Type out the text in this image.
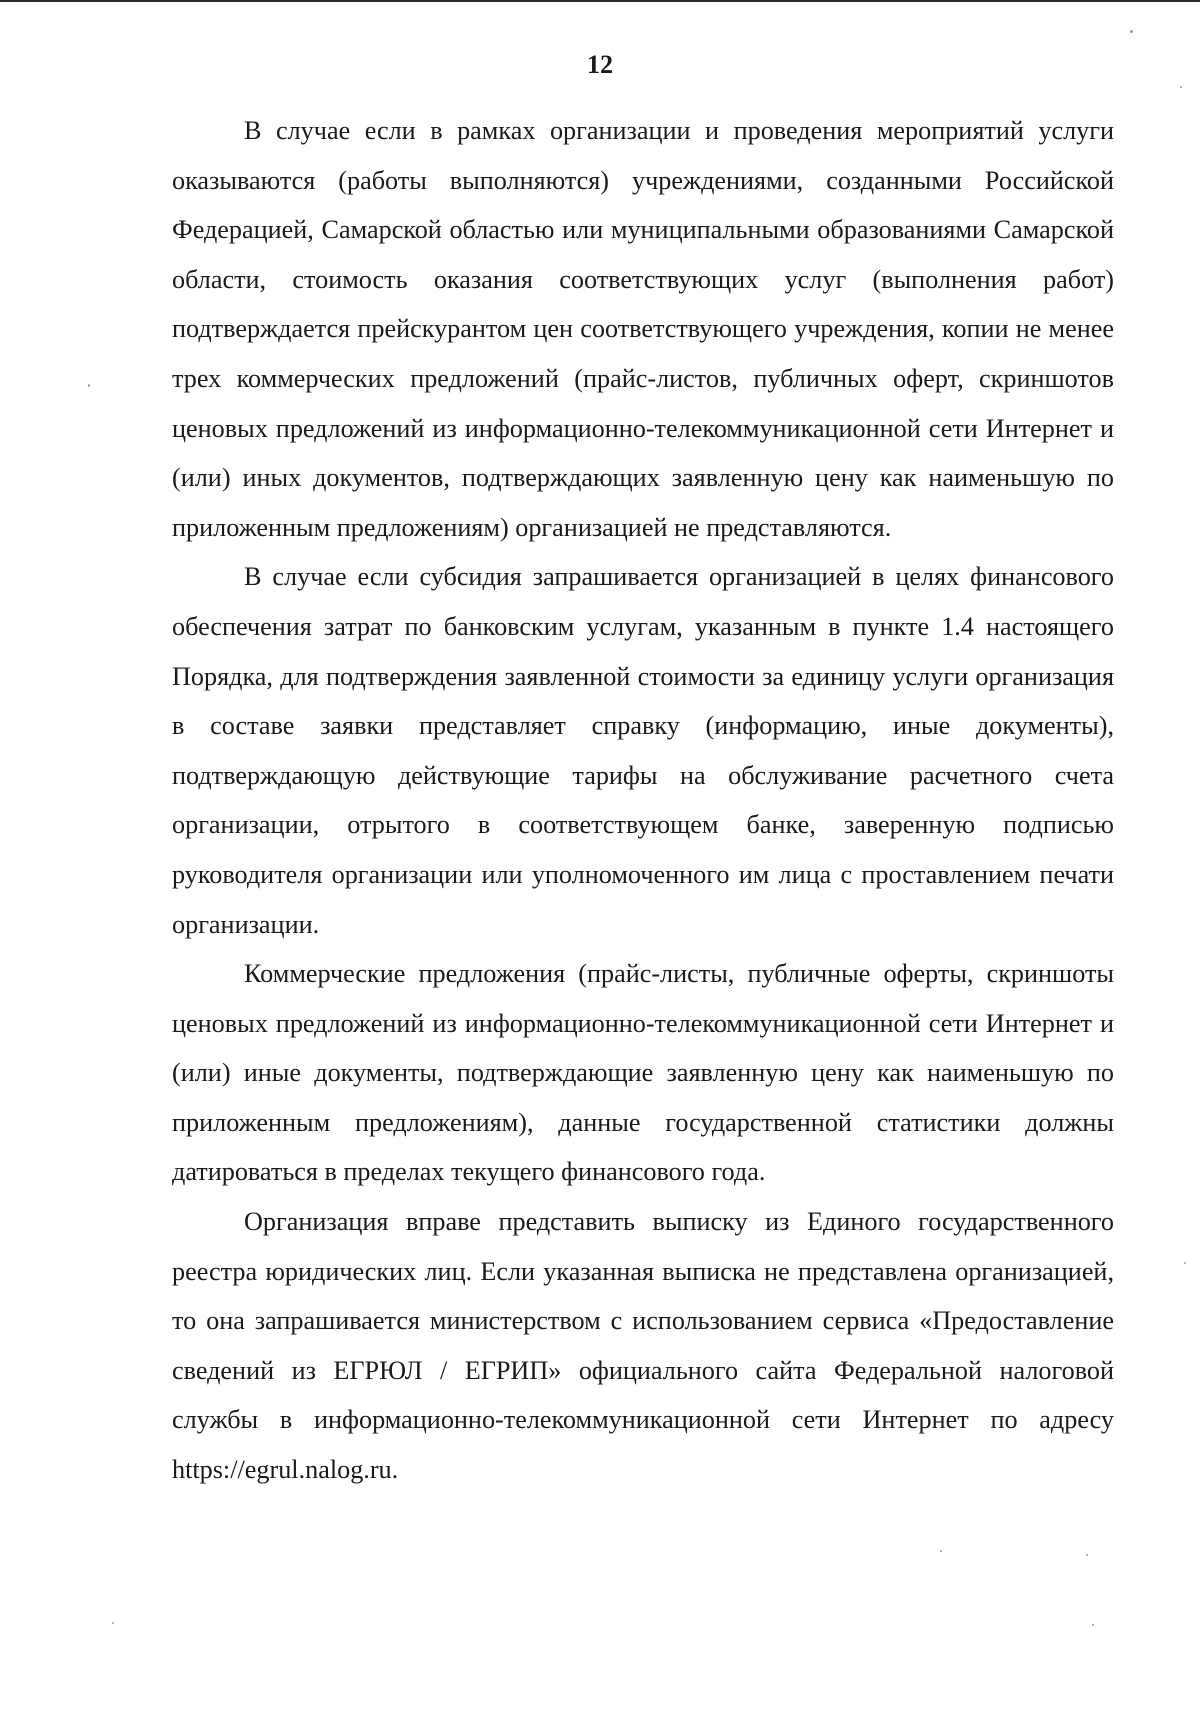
12

В случае если в рамках организации и проведения мероприятий услуги оказываются (работы выполняются) учреждениями, созданными Российской Федерацией, Самарской областью или муниципальными образованиями Самарской области, стоимость оказания соответствующих услуг (выполнения работ) подтверждается прейскурантом цен соответствующего учреждения, копии не менее трех коммерческих предложений (прайс-листов, публичных оферт, скриншотов ценовых предложений из информационно-телекоммуникационной сети Интернет и (или) иных документов, подтверждающих заявленную цену как наименьшую по приложенным предложениям) организацией не представляются.

В случае если субсидия запрашивается организацией в целях финансового обеспечения затрат по банковским услугам, указанным в пункте 1.4 настоящего Порядка, для подтверждения заявленной стоимости за единицу услуги организация в составе заявки представляет справку (информацию, иные документы), подтверждающую действующие тарифы на обслуживание расчетного счета организации, отрытого в соответствующем банке, заверенную подписью руководителя организации или уполномоченного им лица с проставлением печати организации.

Коммерческие предложения (прайс-листы, публичные оферты, скриншоты ценовых предложений из информационно-телекоммуникационной сети Интернет и (или) иные документы, подтверждающие заявленную цену как наименьшую по приложенным предложениям), данные государственной статистики должны датироваться в пределах текущего финансового года.

Организация вправе представить выписку из Единого государственного реестра юридических лиц. Если указанная выписка не представлена организацией, то она запрашивается министерством с использованием сервиса «Предоставление сведений из ЕГРЮЛ / ЕГРИП» официального сайта Федеральной налоговой службы в информационно-телекоммуникационной сети Интернет по адресу https://egrul.nalog.ru.
